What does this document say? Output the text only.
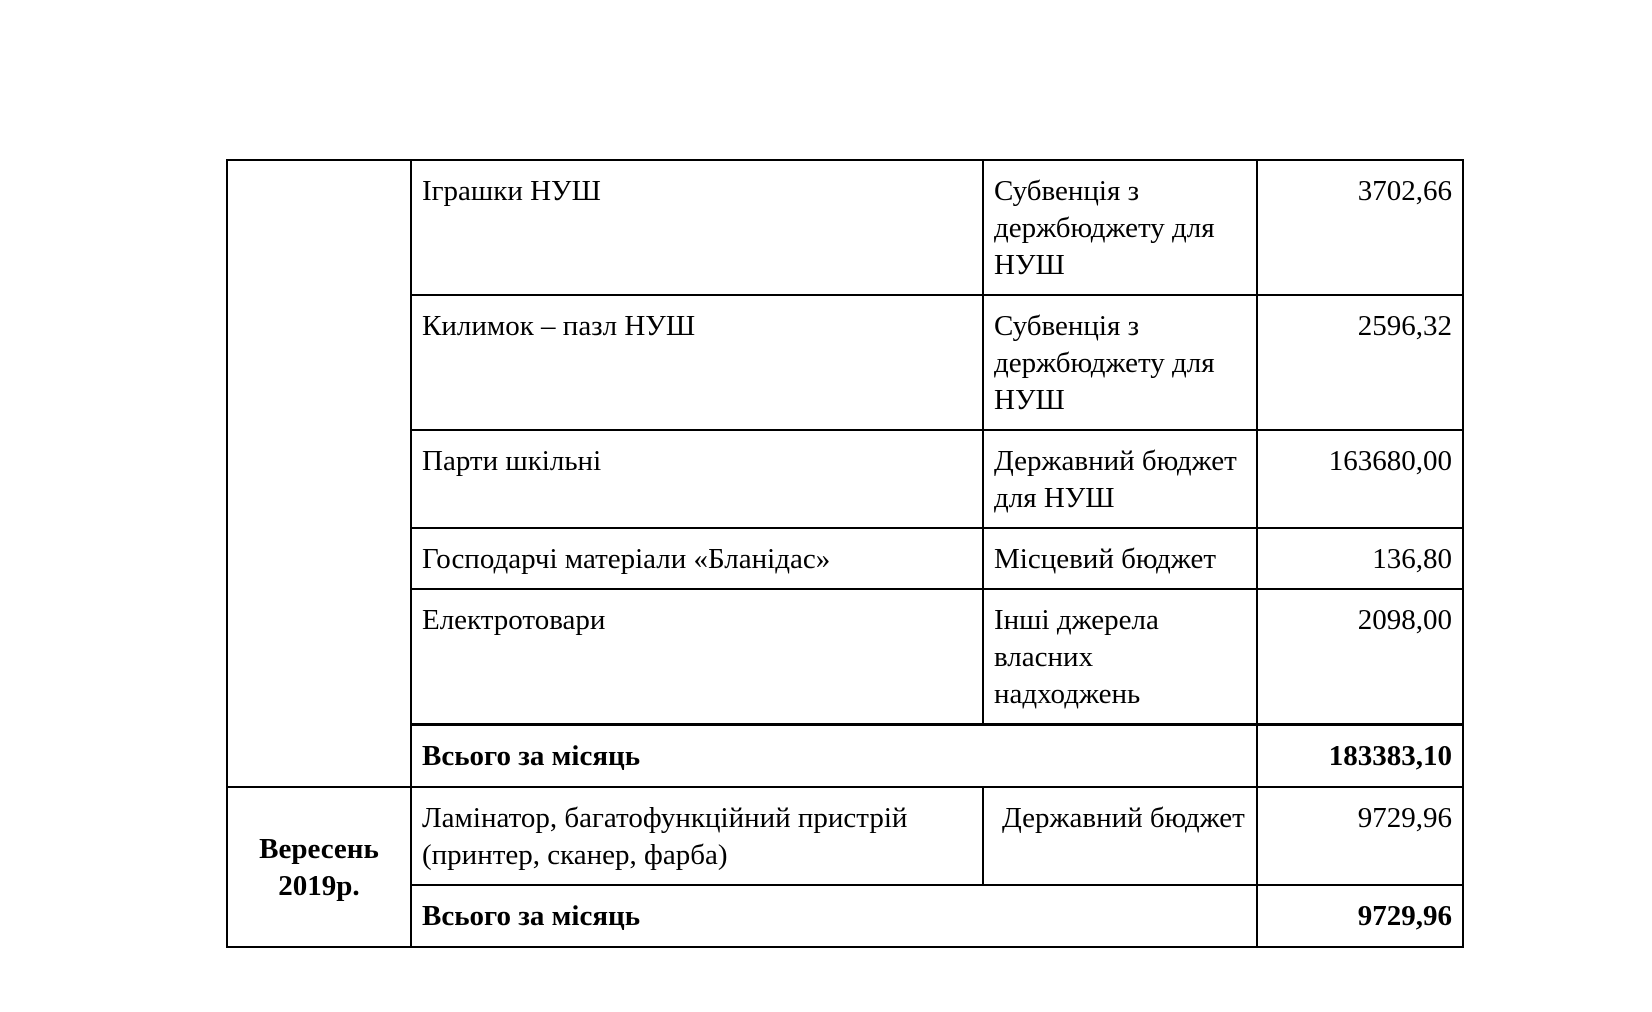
	Іграшки НУШ	Субвенція з держбюджету для НУШ	3702,66
	Килимок – пазл НУШ	Субвенція з держбюджету для НУШ	2596,32
	Парти шкільні	Державний бюджет для НУШ	163680,00
	Господарчі матеріали «Бланідас»	Місцевий бюджет	136,80
	Електротовари	Інші джерела власних надходжень	2098,00
	Всього за місяць		183383,10
Вересень 2019р.	Ламінатор, багатофункційний пристрій (принтер, сканер, фарба)	Державний бюджет	9729,96
	Всього за місяць		9729,96
